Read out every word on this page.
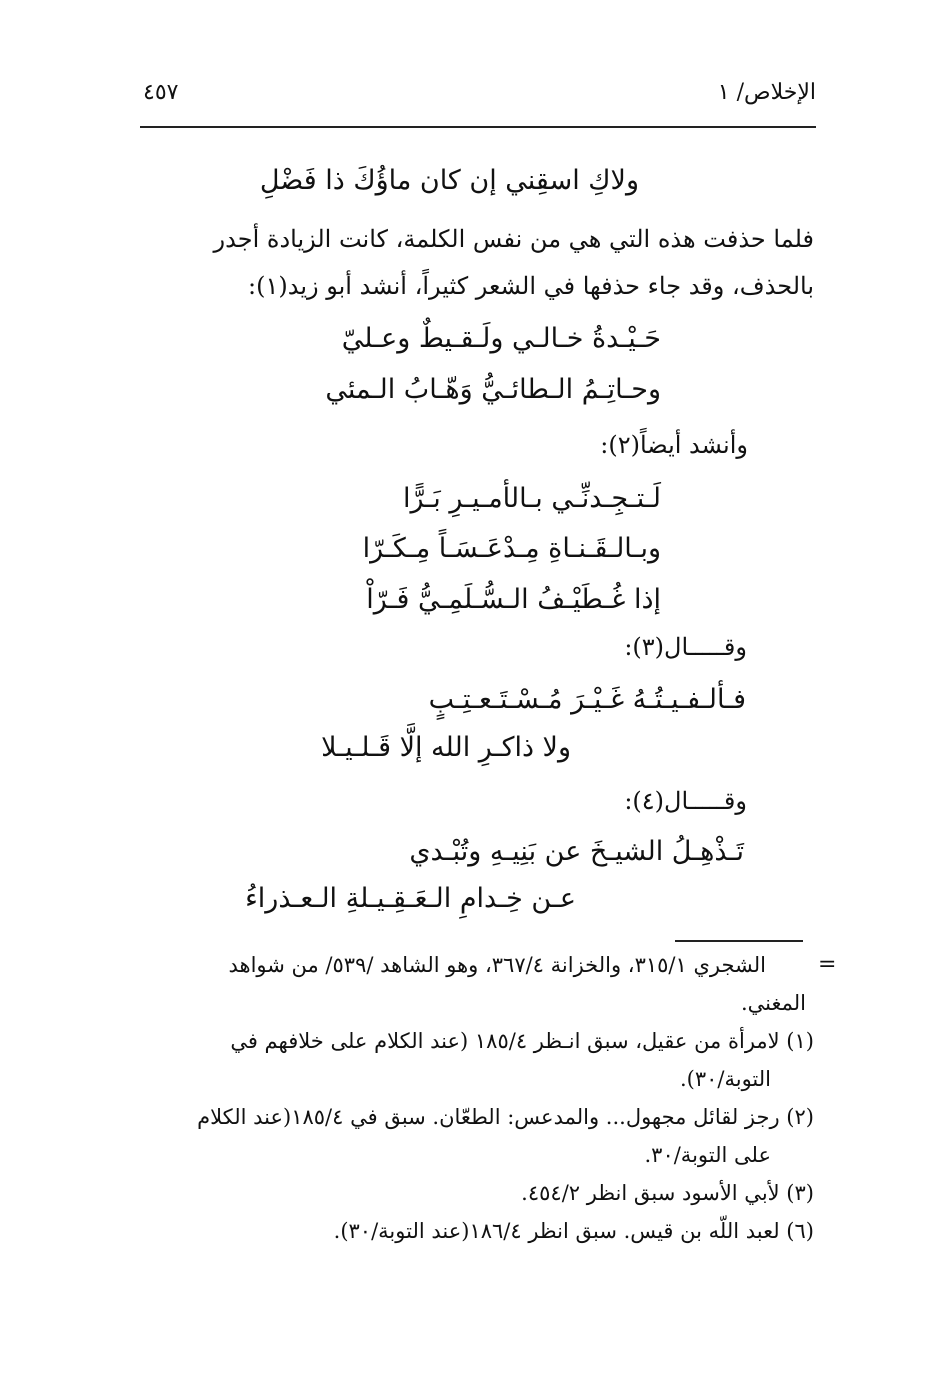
٤٥٧	الإخلاص/ ١
ولاكِ اسقِني إن كان ماؤُكَ ذا فَضْلِ
فلما حذفت هذه التي هي من نفس الكلمة، كانت الزيادة أجدر
بالحذف، وقد جاء حذفها في الشعر كثيراً، أنشد أبو زيد(١):
حَـيْـدةُ خـالـي ولَـقـيطٌ وعـليّ
وحـاتِـمُ الـطائـيُّ وَهّـابُ الـمئي
وأنشد أيضاً(٢):
لَـتـجِـدنِّـي بـالأمـيـرِ بَـرًّا
وبـالـقَـنـاةِ مِـدْعَـسَـاً مِـكَـرّا
إذا غُـطَيْـفُ الـسُّـلَمِـيُّ فَـرّاْ
وقـــــال(٣):
فـألـفـيـتُـهُ غَـيْـرَ مُـسْـتَـعـتِـبٍ
ولا ذاكـرِ الله إلَّا قَـلـيـلا
وقـــــال(٤):
تَـذْهِـلُ الشيـخَ عن بَنِيـهِ وتُبْـدي
عـن خِـدامِ الـعَـقِـيـلةِ الـعـذراءُ
=
الشجري ٣١٥/١، والخزانة ٣٦٧/٤، وهو الشاهد /٥٣٩/ من شواهد
المغني.
(١) لامرأة من عقيل، سبق انـظر ١٨٥/٤ (عند الكلام على خلافهم في
التوبة/٣٠).
(٢) رجز لقائل مجهول... والمدعس: الطعّان. سبق في ١٨٥/٤(عند الكلام
على التوبة/٣٠.
(٣) لأبي الأسود سبق انظر ٤٥٤/٢.
(٦) لعبد اللّه بن قيس. سبق انظر ١٨٦/٤(عند التوبة/٣٠).
